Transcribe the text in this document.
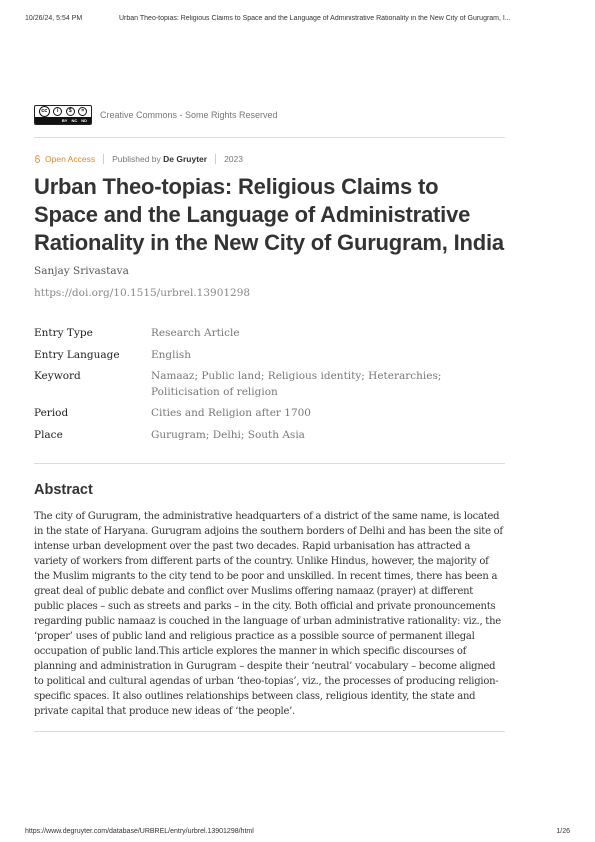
10/26/24, 5:54 PM	Urban Theo-topias: Religious Claims to Space and the Language of Administrative Rationality in the New City of Gurugram, I...
cc	i	$	=
BY NC ND
Creative Commons - Some Rights Reserved
Open Access Published by De Gruyter 2023
Urban Theo-topias: Religious Claims to Space and the Language of Administrative Rationality in the New City of Gurugram, India
Sanjay Srivastava
https://doi.org/10.1515/urbrel.13901298
Entry Type	Research Article
Entry Language	English
Keyword	Namaaz; Public land; Religious identity; Heterarchies; Politicisation of religion
Period	Cities and Religion after 1700
Place	Gurugram; Delhi; South Asia
Abstract

The city of Gurugram, the administrative headquarters of a district of the same name, is located in the state of Haryana. Gurugram adjoins the southern borders of Delhi and has been the site of intense urban development over the past two decades. Rapid urbanisation has attracted a variety of workers from different parts of the country. Unlike Hindus, however, the majority of the Muslim migrants to the city tend to be poor and unskilled. In recent times, there has been a great deal of public debate and conflict over Muslims offering namaaz (prayer) at different public places – such as streets and parks – in the city. Both official and private pronouncements regarding public namaaz is couched in the language of urban administrative rationality: viz., the ‘proper’ uses of public land and religious practice as a possible source of permanent illegal occupation of public land.This article explores the manner in which specific discourses of planning and administration in Gurugram – despite their ‘neutral’ vocabulary – become aligned to political and cultural agendas of urban ‘theo-topias’, viz., the processes of producing religion-specific spaces. It also outlines relationships between class, religious identity, the state and private capital that produce new ideas of ‘the people’.

https://www.degruyter.com/database/URBREL/entry/urbrel.13901298/html	1/26
